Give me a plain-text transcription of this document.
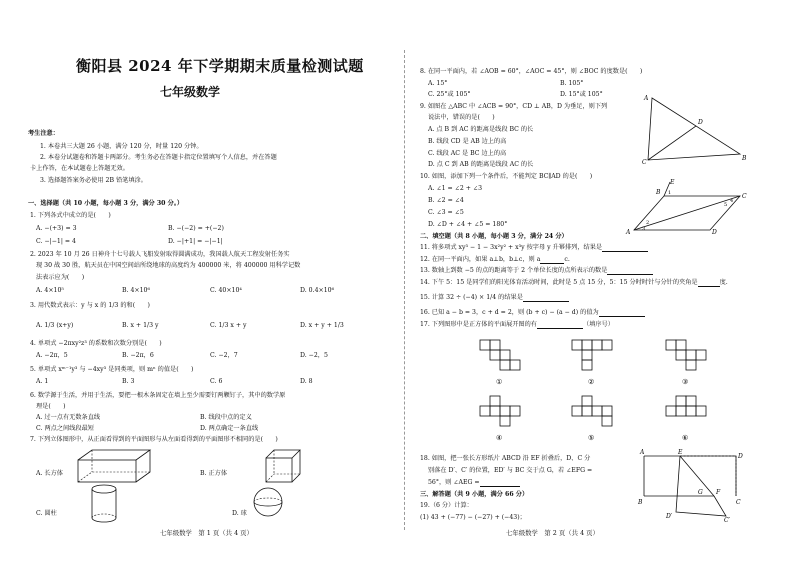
衡阳县 2024 年下学期期末质量检测试题
七年级数学
考生注意：
1. 本卷共三大题 26 小题，满分 120 分，时量 120 分钟。
2. 本卷分试题卷和答题卡两部分。考生务必在答题卡指定位置填写个人信息，并在答题
卡上作答，在本试题卷上答题无效。
3. 选择题答案务必使用 2B 铅笔填涂。
一、选择题（共 10 小题，每小题 3 分，满分 30 分。）
1. 下列各式中成立的是(　　)
A. −(+3) = 3	B. −(−2) = +(−2)
C. −|−1| = 4	D. −|+1| = −|−1|
2. 2023 年 10 月 26 日神舟十七号载人飞船发射取得圆满成功，我国载人航天工程发射任务实
现 30 战 30 胜，航天员在中国空间站所绕地球的高度约为 400000 米，将 400000 用科学记数
法表示应为(　　)
A. 4×10⁵	B. 4×10⁶	C. 40×10⁴	D. 0.4×10⁶
3. 用代数式表示：y 与 x 的 1/3 的和(　　)
A. 1/3 (x+y)	B. x + 1/3 y	C. 1/3 x + y	D. x + y + 1/3
4. 单项式 −2πxy²z³ 的系数和次数分别是(　　)
A. −2π，5	B. −2π，6	C. −2，7	D. −2，5
5. 单项式 xᵐ⁻¹y³ 与 −4xy³ 是同类项，则 mⁿ 的值是(　　)
A. 1	B. 3	C. 6	D. 8
6. 数学源于生活，并用于生活，要把一根木条固定在墙上至少需要钉两颗钉子，其中的数学原
理是(　　)
A. 过一点有无数条直线	B. 线段中点的定义
C. 两点之间线段最短	D. 两点确定一条直线
7. 下列立体图形中，从正面看得到的平面图形与从左面看得到的平面图形不相同的是(　　)
A. 长方体	B. 正方体
C. 圆柱	D. 球
七年级数学　第 1 页（共 4 页）
8. 在同一平面内，若 ∠AOB = 60°，∠AOC = 45°，则 ∠BOC 的度数是(　　)
A. 15°	B. 105°
C. 25°或 105°	D. 15°或 105°
9. 如图在 △ABC 中 ∠ACB = 90°，CD ⊥ AB，D 为垂足，则下列
说法中，错误的是(　　)
A. 点 B 到 AC 的距离是线段 BC 的长
B. 线段 CD 是 AB 边上的高
C. 线段 AC 是 BC 边上的高
D. 点 C 到 AB 的距离是线段 AC 的长
A
D
C
B
10. 如图，添加下列一个条件后，不能判定 BC∥AD 的是(　　)
A. ∠1 = ∠2 + ∠3
B. ∠2 = ∠4
C. ∠3 = ∠5
D. ∠D + ∠4 + ∠5 = 180°
E
C
B
A	D
1
2
3
4
5
二、填空题（共 8 小题，每小题 3 分，满分 24 分）
11. 将多项式 xy³ − 1 − 3x²y² + x³y 按字母 y 升幂排列，结果是
12. 在同一平面内，如果 a⊥b，b⊥c，则 a	c.
13. 数轴上到数 −5 的点的距离等于 2 个单位长度的点所表示的数是
14. 下午 5：15 是同学们的阳光体育活动时间，此时是 5 点 15 分，5：15 分时时针与分针的夹角是	度.
15. 计算 32 ÷ (−4) × 1/4 的结果是
16. 已知 a − b = 3，c + d = 2，则 (b + c) − (a − d) 的值为
17. 下列图形中是正方体的平面展开图的有	（填序号）
①	②	③
④	⑤	⑥
18. 如图，把一张长方形纸片 ABCD 沿 EF 折叠后，D、C 分
别落在 D′、C′ 的位置，ED′ 与 BC 交于点 G，若 ∠EFG =
56°，则 ∠AEG =
A	E
D
G F
B	C
D′
C′
三、解答题（共 9 小题，满分 66 分）
19.（6 分）计算：
(1) 43 + (−77) − (−27) + (−43)；
七年级数学　第 2 页（共 4 页）
